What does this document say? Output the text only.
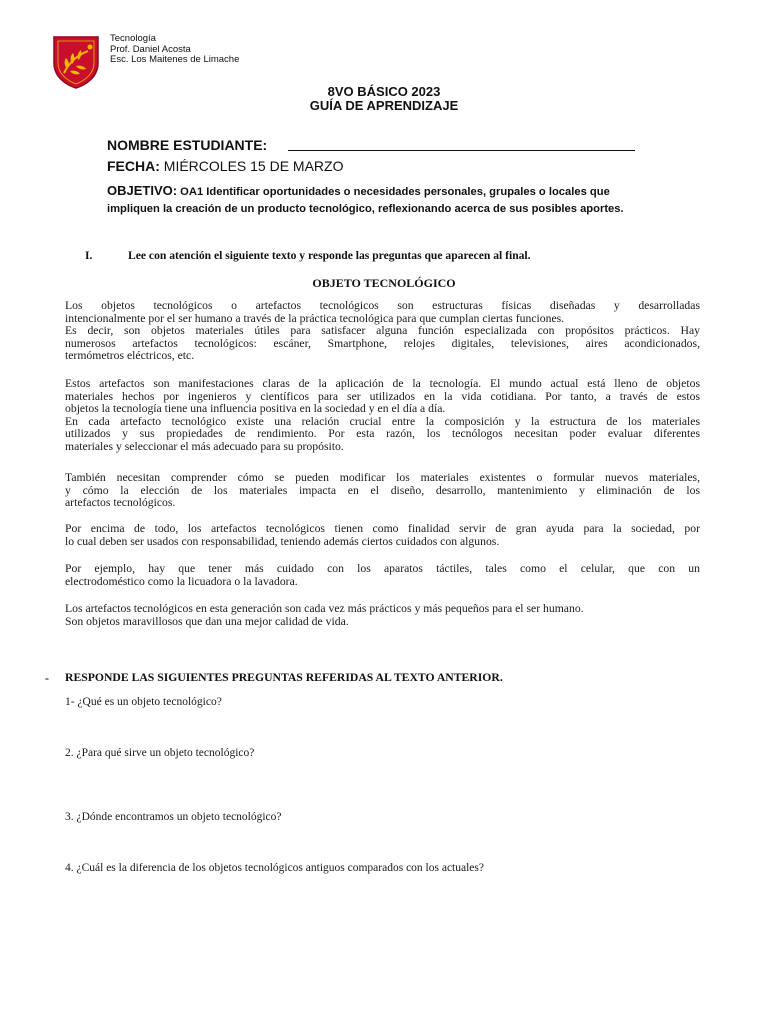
Tecnología
Prof. Daniel Acosta
Esc. Los Maitenes de Limache
8VO BÁSICO 2023
GUÍA DE APRENDIZAJE
NOMBRE ESTUDIANTE:
FECHA: MIÉRCOLES 15 DE MARZO
OBJETIVO: OA1 Identificar oportunidades o necesidades personales, grupales o locales que
impliquen la creación de un producto tecnológico, reflexionando acerca de sus posibles aportes.
I.	Lee con atención el siguiente texto y responde las preguntas que aparecen al final.
OBJETO TECNOLÓGICO
Los objetos tecnológicos o artefactos tecnológicos son estructuras físicas diseñadas y desarrolladas
intencionalmente por el ser humano a través de la práctica tecnológica para que cumplan ciertas funciones.
Es decir, son objetos materiales útiles para satisfacer alguna función especializada con propósitos prácticos. Hay
numerosos artefactos tecnológicos: escáner, Smartphone, relojes digitales, televisiones, aires acondicionados,
termómetros eléctricos, etc.
Estos artefactos son manifestaciones claras de la aplicación de la tecnología. El mundo actual está lleno de objetos
materiales hechos por ingenieros y científicos para ser utilizados en la vida cotidiana. Por tanto, a través de estos
objetos la tecnología tiene una influencia positiva en la sociedad y en el día a día.
En cada artefacto tecnológico existe una relación crucial entre la composición y la estructura de los materiales
utilizados y sus propiedades de rendimiento. Por esta razón, los tecnólogos necesitan poder evaluar diferentes
materiales y seleccionar el más adecuado para su propósito.
También necesitan comprender cómo se pueden modificar los materiales existentes o formular nuevos materiales,
y cómo la elección de los materiales impacta en el diseño, desarrollo, mantenimiento y eliminación de los
artefactos tecnológicos.
Por encima de todo, los artefactos tecnológicos tienen como finalidad servir de gran ayuda para la sociedad, por
lo cual deben ser usados con responsabilidad, teniendo además ciertos cuidados con algunos.
Por ejemplo, hay que tener más cuidado con los aparatos táctiles, tales como el celular, que con un
electrodoméstico como la licuadora o la lavadora.
Los artefactos tecnológicos en esta generación son cada vez más prácticos y más pequeños para el ser humano.
Son objetos maravillosos que dan una mejor calidad de vida.
- RESPONDE LAS SIGUIENTES PREGUNTAS REFERIDAS AL TEXTO ANTERIOR.
1- ¿Qué es un objeto tecnológico?
2. ¿Para qué sirve un objeto tecnológico?
3. ¿Dónde encontramos un objeto tecnológico?
4. ¿Cuál es la diferencia de los objetos tecnológicos antiguos comparados con los actuales?
